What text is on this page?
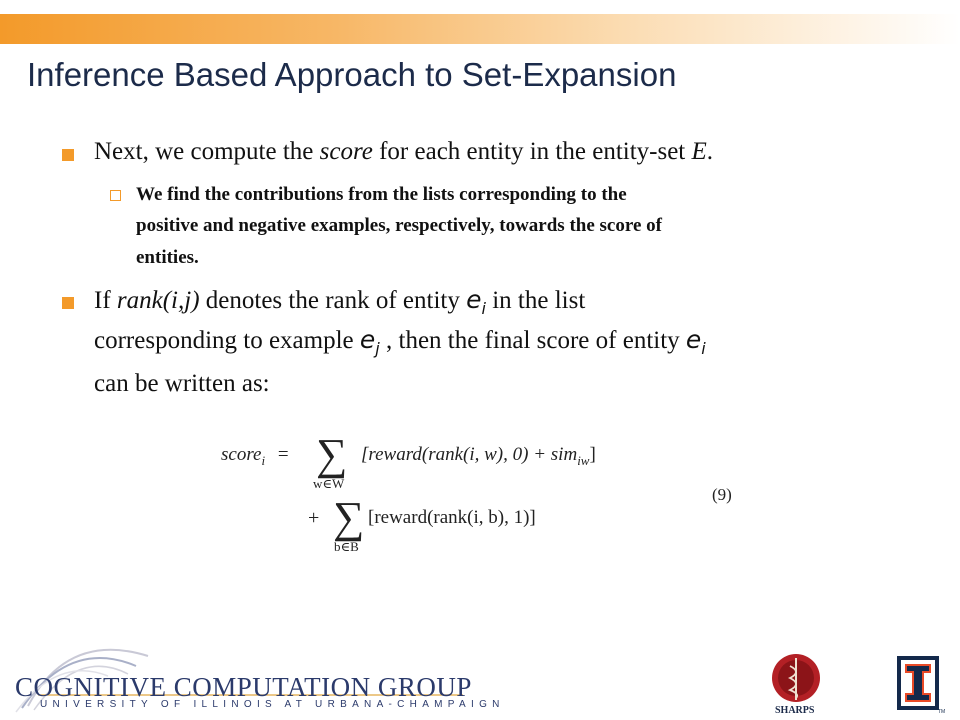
Inference Based Approach to Set-Expansion
Next, we compute the score for each entity in the entity-set E.
We find the contributions from the lists corresponding to the
positive and negative examples, respectively, towards the score of
entities.
If rank(i,j) denotes the rank of entity $e_i$ in the list
corresponding to example $e_j$ , then the final score of entity $e_i$
can be written as:
score$_i$ = ∑
w∈W
[reward(rank(i, w), 0) + sim$_{iw}$]
+ ∑
b∈B
[reward(rank(i, b), 1)]
(9)
COGNITIVE COMPUTATION GROUP
UNIVERSITY OF ILLINOIS AT URBANA-CHAMPAIGN
SHARPS	TM
